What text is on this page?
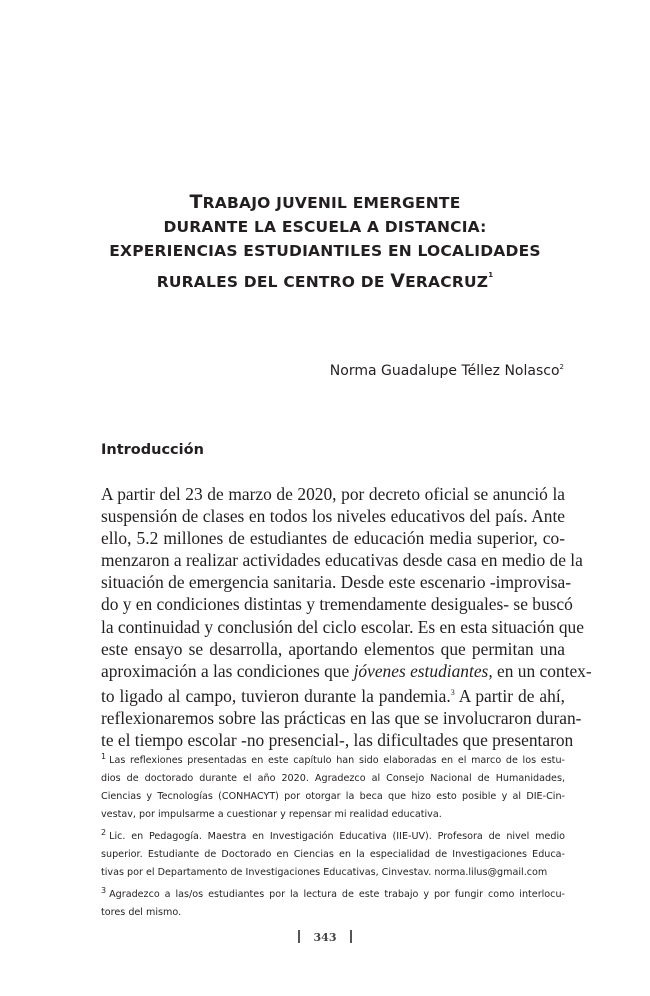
TRABAJO JUVENIL EMERGENTE
DURANTE LA ESCUELA A DISTANCIA:
EXPERIENCIAS ESTUDIANTILES EN LOCALIDADES
RURALES DEL CENTRO DE VERACRUZ$^1$
Norma Guadalupe Téllez Nolasco$^2$
Introducción
A partir del 23 de marzo de 2020, por decreto oficial se anunció la
suspensión de clases en todos los niveles educativos del país. Ante
ello, 5.2 millones de estudiantes de educación media superior, co-
menzaron a realizar actividades educativas desde casa en medio de la
situación de emergencia sanitaria. Desde este escenario -improvisa-
do y en condiciones distintas y tremendamente desiguales- se buscó
la continuidad y conclusión del ciclo escolar. Es en esta situación que
este ensayo se desarrolla, aportando elementos que permitan una
aproximación a las condiciones que jóvenes estudiantes, en un contex-
to ligado al campo, tuvieron durante la pandemia.$^3$ A partir de ahí,
reflexionaremos sobre las prácticas en las que se involucraron duran-
te el tiempo escolar -no presencial-, las dificultades que presentaron
$^1$ Las reflexiones presentadas en este capítulo han sido elaboradas en el marco de los estu-
dios de doctorado durante el año 2020. Agradezco al Consejo Nacional de Humanidades,
Ciencias y Tecnologías (CONHACYT) por otorgar la beca que hizo esto posible y al DIE-Cin-
vestav, por impulsarme a cuestionar y repensar mi realidad educativa.
$^2$ Lic. en Pedagogía. Maestra en Investigación Educativa (IIE-UV). Profesora de nivel medio
superior. Estudiante de Doctorado en Ciencias en la especialidad de Investigaciones Educa-
tivas por el Departamento de Investigaciones Educativas, Cinvestav. norma.lilus@gmail.com
$^3$ Agradezco a las/os estudiantes por la lectura de este trabajo y por fungir como interlocu-
tores del mismo.
343
